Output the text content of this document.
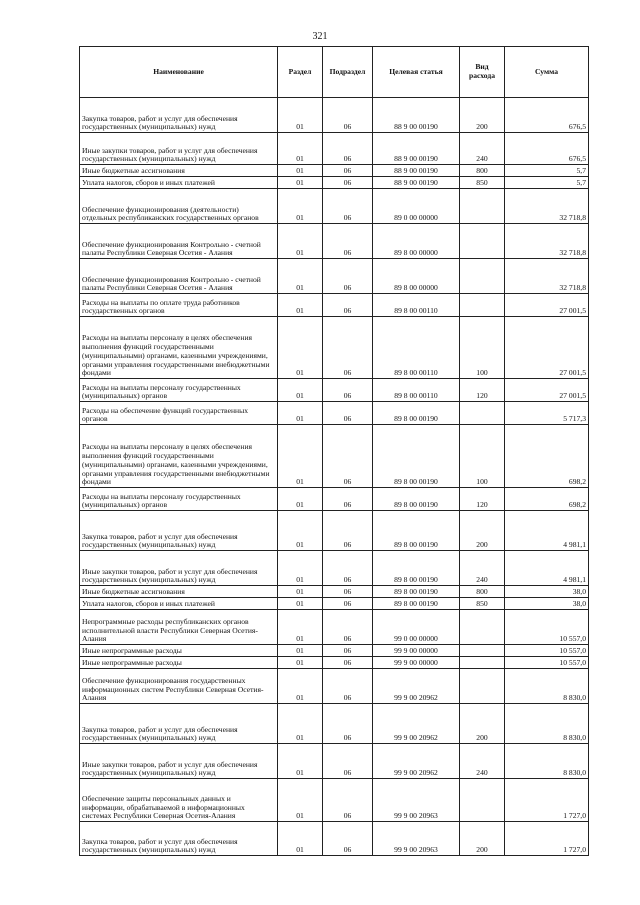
321
Наименование	Раздел	Подраздел	Целевая статья	Вид расхода	Сумма
Закупка товаров, работ и услуг для обеспечения государственных (муниципальных) нужд	01	06	88 9 00 00190	200	676,5
Иные закупки товаров, работ и услуг для обеспечения государственных (муниципальных) нужд	01	06	88 9 00 00190	240	676,5
Иные бюджетные ассигнования	01	06	88 9 00 00190	800	5,7
Уплата налогов, сборов и иных платежей	01	06	88 9 00 00190	850	5,7
Обеспечение функционирования (деятельности) отдельных республиканских государственных органов	01	06	89 0 00 00000		32 718,8
Обеспечение функционирования Контрольно - счетной палаты Республики Северная Осетия - Алания	01	06	89 8 00 00000		32 718,8
Обеспечение функционирования Контрольно - счетной палаты Республики Северная Осетия - Алания	01	06	89 8 00 00000		32 718,8
Расходы на выплаты по оплате труда работников государственных органов	01	06	89 8 00 00110		27 001,5
Расходы на выплаты персоналу в целях обеспечения выполнения функций государственными (муниципальными) органами, казенными учреждениями, органами управления государственными внебюджетными фондами	01	06	89 8 00 00110	100	27 001,5
Расходы на выплаты персоналу государственных (муниципальных) органов	01	06	89 8 00 00110	120	27 001,5
Расходы на обеспечение функций государственных органов	01	06	89 8 00 00190		5 717,3
Расходы на выплаты персоналу в целях обеспечения выполнения функций государственными (муниципальными) органами, казенными учреждениями, органами управления государственными внебюджетными фондами	01	06	89 8 00 00190	100	698,2
Расходы на выплаты персоналу государственных (муниципальных) органов	01	06	89 8 00 00190	120	698,2
Закупка товаров, работ и услуг для обеспечения государственных (муниципальных) нужд	01	06	89 8 00 00190	200	4 981,1
Иные закупки товаров, работ и услуг для обеспечения государственных (муниципальных) нужд	01	06	89 8 00 00190	240	4 981,1
Иные бюджетные ассигнования	01	06	89 8 00 00190	800	38,0
Уплата налогов, сборов и иных платежей	01	06	89 8 00 00190	850	38,0
Непрограммные расходы республиканских органов исполнительной власти Республики Северная Осетия-Алания	01	06	99 0 00 00000		10 557,0
Иные непрограммные расходы	01	06	99 9 00 00000		10 557,0
Иные непрограммные расходы	01	06	99 9 00 00000		10 557,0
Обеспечение функционирования государственных информационных систем Республики Северная Осетия-Алания	01	06	99 9 00 20962		8 830,0
Закупка товаров, работ и услуг для обеспечения государственных (муниципальных) нужд	01	06	99 9 00 20962	200	8 830,0
Иные закупки товаров, работ и услуг для обеспечения государственных (муниципальных) нужд	01	06	99 9 00 20962	240	8 830,0
Обеспечение защиты персональных данных и информации, обрабатываемой в информационных системах Республики Северная Осетия-Алания	01	06	99 9 00 20963		1 727,0
Закупка товаров, работ и услуг для обеспечения государственных (муниципальных) нужд	01	06	99 9 00 20963	200	1 727,0
